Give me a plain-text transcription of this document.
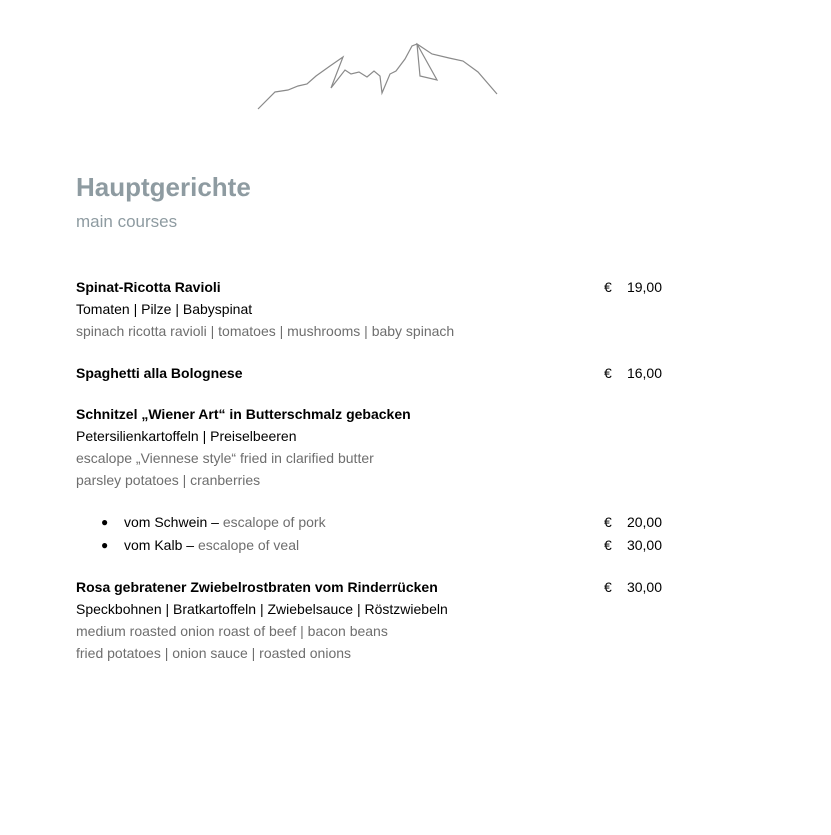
Hauptgerichte
main courses
Spinat-Ricotta Ravioli	€ 19,00
Tomaten | Pilze | Babyspinat
spinach ricotta ravioli | tomatoes | mushrooms | baby spinach
Spaghetti alla Bolognese	€ 16,00
Schnitzel „Wiener Art“ in Butterschmalz gebacken
Petersilienkartoffeln | Preiselbeeren
escalope „Viennese style“ fried in clarified butter
parsley potatoes | cranberries
● vom Schwein – escalope of pork	€ 20,00
● vom Kalb – escalope of veal	€ 30,00
Rosa gebratener Zwiebelrostbraten vom Rinderrücken	€ 30,00
Speckbohnen | Bratkartoffeln | Zwiebelsauce | Röstzwiebeln
medium roasted onion roast of beef | bacon beans
fried potatoes | onion sauce | roasted onions
